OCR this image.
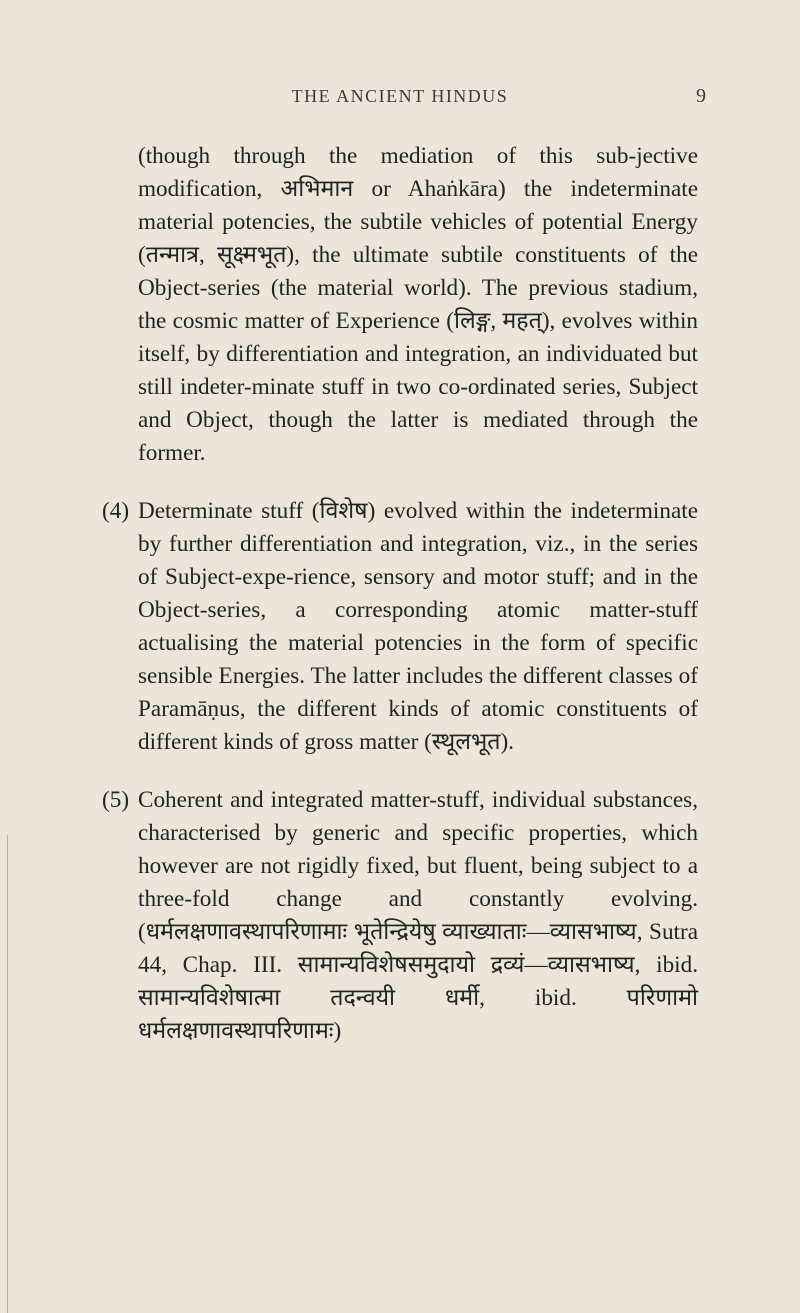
THE ANCIENT HINDUS	9

(though through the mediation of this sub-jective modification, अभिमान or Ahaṅkāra) the indeterminate material potencies, the subtile vehicles of potential Energy (तन्मात्र, सूक्ष्मभूत), the ultimate subtile constituents of the Object-series (the material world). The previous stadium, the cosmic matter of Experience (लिङ्ग, महत्), evolves within itself, by differentiation and integration, an individuated but still indeter-minate stuff in two co-ordinated series, Subject and Object, though the latter is mediated through the former.

(4) Determinate stuff (विशेष) evolved within the indeterminate by further differentiation and integration, viz., in the series of Subject-expe-rience, sensory and motor stuff; and in the Object-series, a corresponding atomic matter-stuff actualising the material potencies in the form of specific sensible Energies. The latter includes the different classes of Paramāṇus, the different kinds of atomic constituents of different kinds of gross matter (स्थूलभूत).

(5) Coherent and integrated matter-stuff, individual substances, characterised by generic and specific properties, which however are not rigidly fixed, but fluent, being subject to a three-fold change and constantly evolving. (धर्मलक्षणावस्थापरिणामाः भूतेन्द्रियेषु व्याख्याताः—व्यासभाष्य, Sutra 44, Chap. III. सामान्यविशेषसमुदायो द्रव्यं—व्यासभाष्य, ibid. सामान्यविशेषात्मा तदन्वयी धर्मी, ibid. परिणामो धर्मलक्षणावस्थापरिणामः)
